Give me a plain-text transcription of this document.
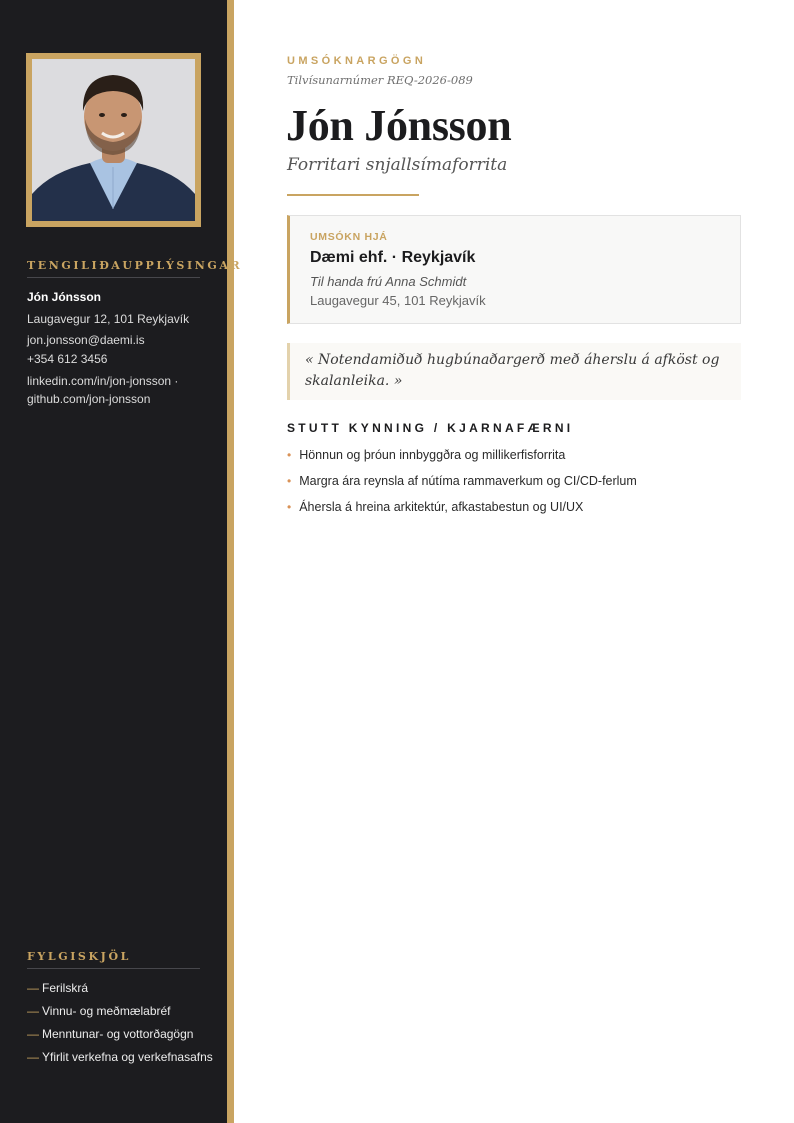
TENGILIÐAUPPLÝSINGAR
Jón Jónsson
Laugavegur 12, 101 Reykjavík
jon.jonsson@daemi.is
+354 612 3456
linkedin.com/in/jon-jonsson ·
github.com/jon-jonsson
FYLGISKJÖL
— Ferilskrá
— Vinnu- og meðmælabréf
— Menntunar- og vottorðagögn
— Yfirlit verkefna og verkefnasafns
UMSÓKNARGÖGN
Tilvísunarnúmer REQ-2026-089
Jón Jónsson
Forritari snjallsímaforrita
UMSÓKN HJÁ
Dæmi ehf. · Reykjavík
Til handa frú Anna Schmidt
Laugavegur 45, 101 Reykjavík
« Notendamiðuð hugbúnaðargerð með áherslu á afköst og skalanleika. »
STUTT KYNNING / KJARNAFÆRNI
• Hönnun og þróun innbyggðra og millikerfisforrita
• Margra ára reynsla af nútíma rammaverkum og CI/CD-ferlum
• Áhersla á hreina arkitektúr, afkastabestun og UI/UX
